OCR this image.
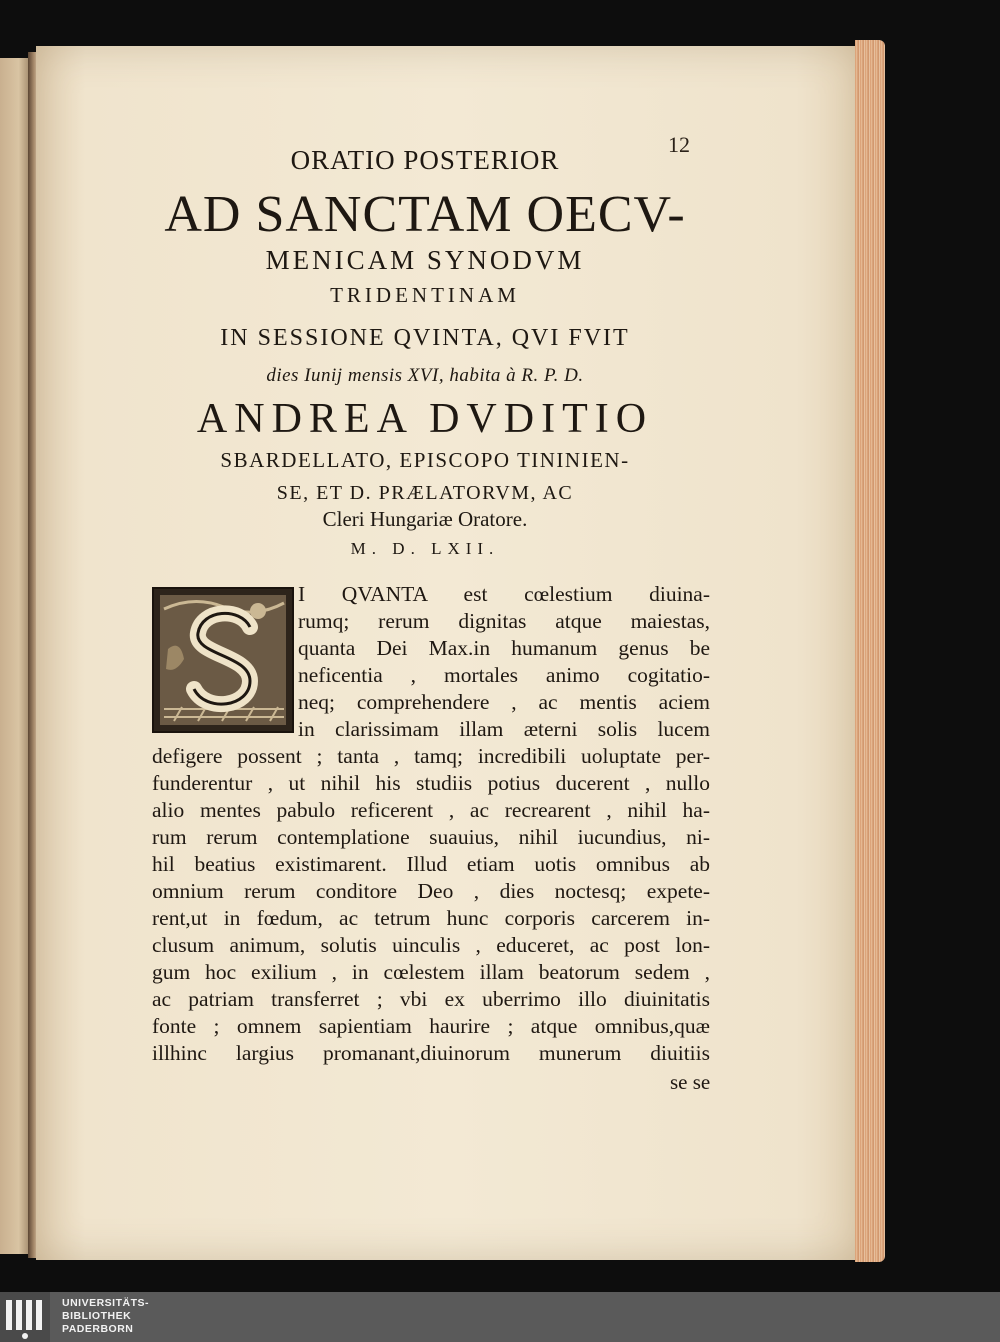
12
ORATIO POSTERIOR
AD SANCTAM OECV-
MENICAM SYNODVM
TRIDENTINAM
IN SESSIONE QVINTA, QVI FVIT
dies Iunij mensis XVI, habita à R. P. D.
ANDREA DVDITIO
SBARDELLATO, EPISCOPO TININIEN-
SE, ET D. PRÆLATORVM, AC
Cleri Hungariæ Oratore.
M. D. LXII.
I QVANTA est cœlestium diuina-
rumq; rerum dignitas atque maiestas,
quanta Dei Max.in humanum genus be
neficentia , mortales animo cogitatio-
neq; comprehendere , ac mentis aciem
in clarissimam illam æterni solis lucem
defigere possent ; tanta , tamq; incredibili uoluptate per-
funderentur , ut nihil his studiis potius ducerent , nullo
alio mentes pabulo reficerent , ac recrearent , nihil ha-
rum rerum contemplatione suauius, nihil iucundius, ni-
hil beatius existimarent. Illud etiam uotis omnibus ab
omnium rerum conditore Deo , dies noctesq; expete-
rent,ut in fœdum, ac tetrum hunc corporis carcerem in-
clusum animum, solutis uinculis , educeret, ac post lon-
gum hoc exilium , in cœlestem illam beatorum sedem ,
ac patriam transferret ; vbi ex uberrimo illo diuinitatis
fonte ; omnem sapientiam haurire ; atque omnibus,quæ
illhinc largius promanant,diuinorum munerum diuitiis
se se
UNIVERSITÄTS-
BIBLIOTHEK
PADERBORN
